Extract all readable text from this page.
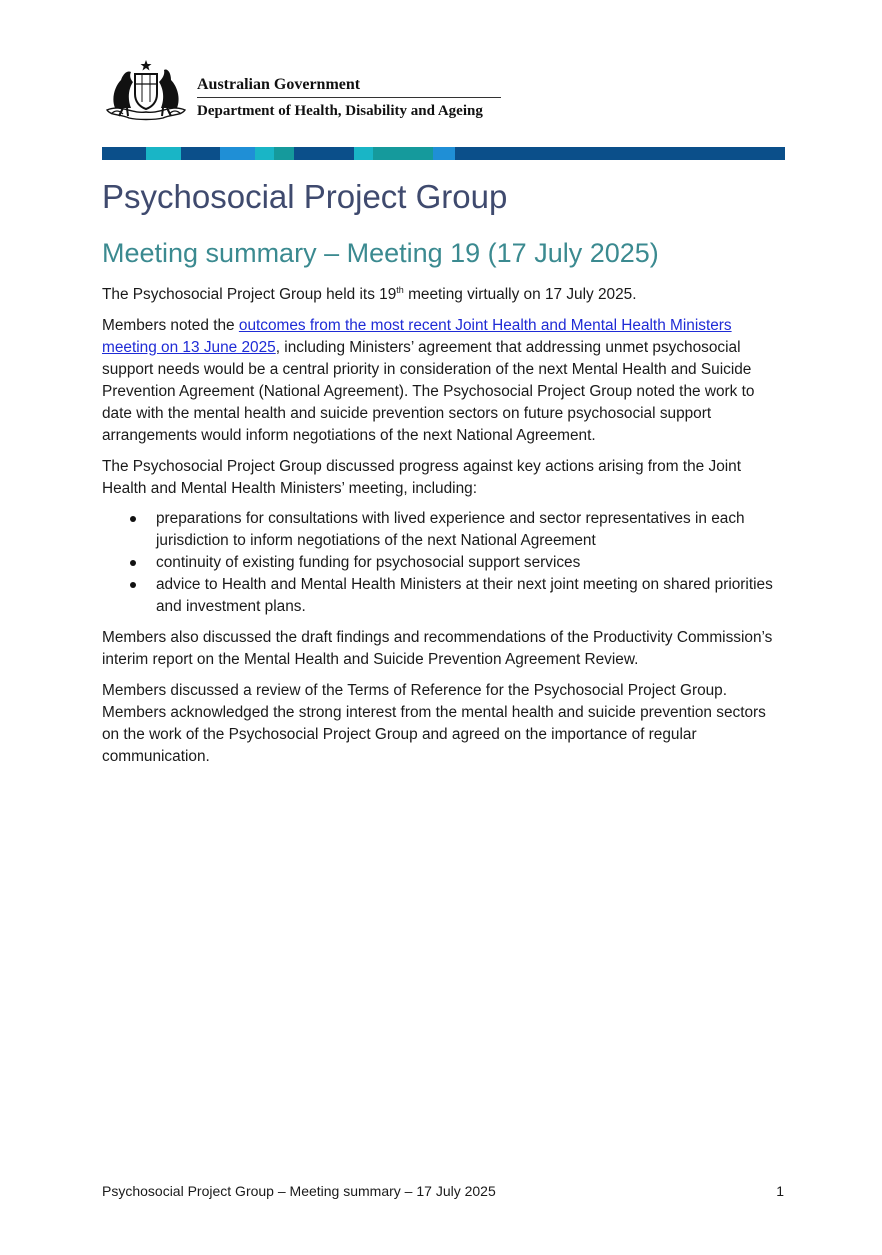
Australian Government
Department of Health, Disability and Ageing
Psychosocial Project Group
Meeting summary – Meeting 19 (17 July 2025)

The Psychosocial Project Group held its 19th meeting virtually on 17 July 2025.

Members noted the outcomes from the most recent Joint Health and Mental Health Ministers meeting on 13 June 2025, including Ministers’ agreement that addressing unmet psychosocial support needs would be a central priority in consideration of the next Mental Health and Suicide Prevention Agreement (National Agreement). The Psychosocial Project Group noted the work to date with the mental health and suicide prevention sectors on future psychosocial support arrangements would inform negotiations of the next National Agreement.

The Psychosocial Project Group discussed progress against key actions arising from the Joint Health and Mental Health Ministers’ meeting, including:

preparations for consultations with lived experience and sector representatives in each jurisdiction to inform negotiations of the next National Agreement
continuity of existing funding for psychosocial support services
advice to Health and Mental Health Ministers at their next joint meeting on shared priorities and investment plans.

Members also discussed the draft findings and recommendations of the Productivity Commission’s interim report on the Mental Health and Suicide Prevention Agreement Review.

Members discussed a review of the Terms of Reference for the Psychosocial Project Group. Members acknowledged the strong interest from the mental health and suicide prevention sectors on the work of the Psychosocial Project Group and agreed on the importance of regular communication.

Psychosocial Project Group – Meeting summary – 17 July 2025	1
